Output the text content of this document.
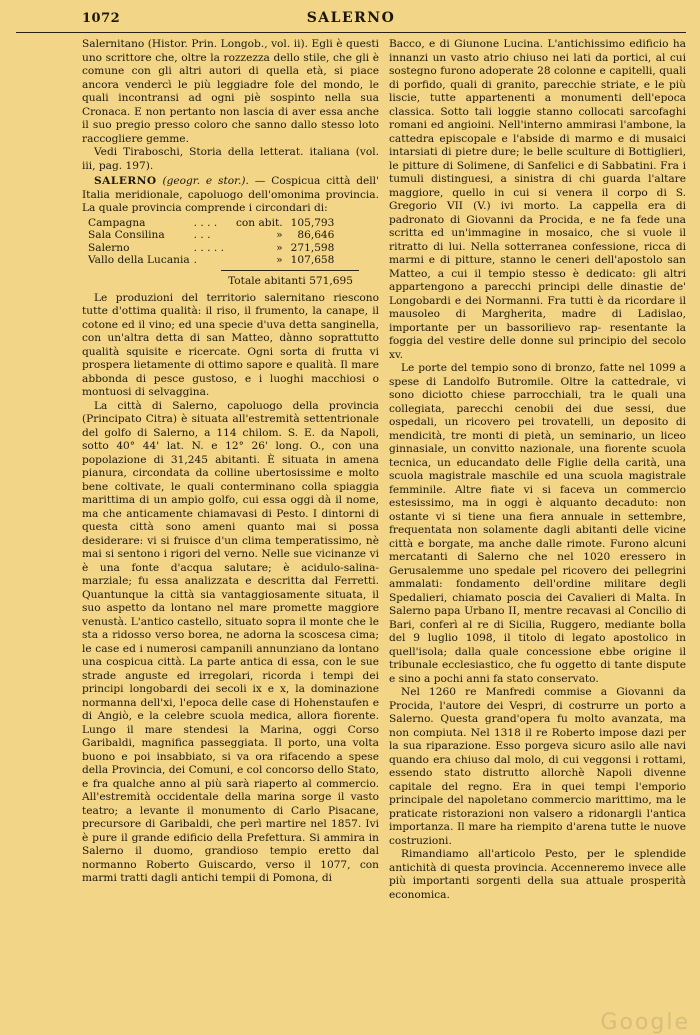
1072	SALERNO

Salernitano (Histor. Prin. Longob., vol. ii). Egli è questi uno scrittore che, oltre la rozzezza dello stile, che gli è comune con gli altri autori di quella età, si piace ancora vendercì le più leggiadre fole del mondo, le quali incontransi ad ogni piè sospinto nella sua Cronaca. E non pertanto non lascia di aver essa anche il suo pregio presso coloro che sanno dallo stesso loto raccogliere gemme.

Vedi Tiraboschi, Storia della letterat. italiana (vol. iii, pag. 197).

SALERNO (geogr. e stor.). — Cospicua città dell' Italia meridionale, capoluogo dell'omonima provincia. La quale provincia comprende i circondari di:

Campagna	. . . .	con abit.	105,793
Sala Consilina	. . .	»	86,646
Salerno	. . . . .	»	271,598
Vallo della Lucania	.	»	107,658
Totale abitanti 571,695

Le produzioni del territorio salernitano riescono tutte d'ottima qualità: il riso, il frumento, la canape, il cotone ed il vino; ed una specie d'uva detta sanginella, con un'altra detta di san Matteo, dànno soprattutto qualità squisite e ricercate. Ogni sorta di frutta vi prospera lietamente di ottimo sapore e qualità. Il mare abbonda di pesce gustoso, e i luoghi macchiosi o montuosi di selvaggina.

La città di Salerno, capoluogo della provincia (Principato Citra) è situata all'estremità settentrionale del golfo di Salerno, a 114 chilom. S. E. da Napoli, sotto 40° 44' lat. N. e 12° 26' long. O., con una popolazione di 31,245 abitanti. È situata in amena pianura, circondata da colline ubertosissime e molto bene coltivate, le quali conterminano colla spiaggia marittima di un ampio golfo, cui essa oggi dà il nome, ma che anticamente chiamavasi di Pesto. I dintorni di questa città sono ameni quanto mai si possa desiderare: vi si fruisce d'un clima temperatissimo, nè mai si sentono i rigori del verno. Nelle sue vicinanze vi è una fonte d'acqua salutare; è acidulo-salina-marziale; fu essa analizzata e descritta dal Ferretti. Quantunque la città sia vantaggiosamente situata, il suo aspetto da lontano nel mare promette maggiore venustà. L'antico castello, situato sopra il monte che le sta a ridosso verso borea, ne adorna la scoscesa cima; le case ed i numerosi campanili annunziano da lontano una cospicua città. La parte antica di essa, con le sue strade anguste ed irregolari, ricorda i tempi dei principi longobardi dei secoli ix e x, la dominazione normanna dell'xi, l'epoca delle case di Hohenstaufen e di Angiò, e la celebre scuola medica, allora fiorente. Lungo il mare stendesi la Marina, oggi Corso Garibaldi, magnifica passeggiata. Il porto, una volta buono e poi insabbiato, si va ora rifacendo a spese della Provincia, dei Comuni, e col concorso dello Stato, e fra qualche anno al più sarà riaperto al commercio. All'estremità occidentale della marina sorge il vasto teatro; a levante il monumento di Carlo Pisacane, precursore di Garibaldi, che perì martire nel 1857. Ivi è pure il grande edificio della Prefettura. Si ammira in Salerno il duomo, grandioso tempio eretto dal normanno Roberto Guiscardo, verso il 1077, con marmi tratti dagli antichi tempii di Pomona, di

Bacco, e di Giunone Lucina. L'antichissimo edificio ha innanzi un vasto atrio chiuso nei lati da portici, al cui sostegno furono adoperate 28 colonne e capitelli, quali di porfido, quali di granito, parecchie striate, e le più liscie, tutte appartenenti a monumenti dell'epoca classica. Sotto tali loggie stanno collocati sarcofaghi romani ed angioini. Nell'interno ammirasi l'ambone, la cattedra episcopale e l'abside di marmo e di musaici intarsiati di pietre dure; le belle sculture di Bottiglieri, le pitture di Solimene, di Sanfelici e di Sabbatini. Fra i tumuli distinguesi, a sinistra di chi guarda l'altare maggiore, quello in cui si venera il corpo di S. Gregorio VII (V.) ivi morto. La cappella era di padronato di Giovanni da Procida, e ne fa fede una scritta ed un'immagine in mosaico, che si vuole il ritratto di lui. Nella sotterranea confessione, ricca di marmi e di pitture, stanno le ceneri dell'apostolo san Matteo, a cui il tempio stesso è dedicato: gli altri appartengono a parecchi principi delle dinastie de' Longobardi e dei Normanni. Fra tutti è da ricordare il mausoleo di Margherita, madre di Ladislao, importante per un bassorilievo rap- resentante la foggia del vestire delle donne sul principio del secolo xv.

Le porte del tempio sono di bronzo, fatte nel 1099 a spese di Landolfo Butromile. Oltre la cattedrale, vi sono diciotto chiese parrocchiali, tra le quali una collegiata, parecchi cenobii dei due sessi, due ospedali, un ricovero pei trovatelli, un deposito di mendicità, tre monti di pietà, un seminario, un liceo ginnasiale, un convitto nazionale, una fiorente scuola tecnica, un educandato delle Figlie della carità, una scuola magistrale maschile ed una scuola magistrale femminile. Altre fiate vi si faceva un commercio estesissimo, ma in oggi è alquanto decaduto: non ostante vi si tiene una fiera annuale in settembre, frequentata non solamente dagli abitanti delle vicine città e borgate, ma anche dalle rimote. Furono alcuni mercatanti di Salerno che nel 1020 eressero in Gerusalemme uno spedale pel ricovero dei pellegrini ammalati: fondamento dell'ordine militare degli Spedalieri, chiamato poscia dei Cavalieri di Malta. In Salerno papa Urbano II, mentre recavasi al Concilio di Bari, conferì al re di Sicilia, Ruggero, mediante bolla del 9 luglio 1098, il titolo di legato apostolico in quell'isola; dalla quale concessione ebbe origine il tribunale ecclesiastico, che fu oggetto di tante dispute e sino a pochi anni fa stato conservato.

Nel 1260 re Manfredi commise a Giovanni da Procida, l'autore dei Vespri, di costrurre un porto a Salerno. Questa grand'opera fu molto avanzata, ma non compiuta. Nel 1318 il re Roberto impose dazi per la sua riparazione. Esso porgeva sicuro asilo alle navi quando era chiuso dal molo, di cui veggonsi i rottami, essendo stato distrutto allorchè Napoli divenne capitale del regno. Era in quei tempi l'emporio principale del napoletano commercio marittimo, ma le praticate ristorazioni non valsero a ridonargli l'antica importanza. Il mare ha riempito d'arena tutte le nuove costruzioni.

Rimandiamo all'articolo Pesto, per le splendide antichità di questa provincia. Accenneremo invece alle più importanti sorgenti della sua attuale prosperità economica.

Google
